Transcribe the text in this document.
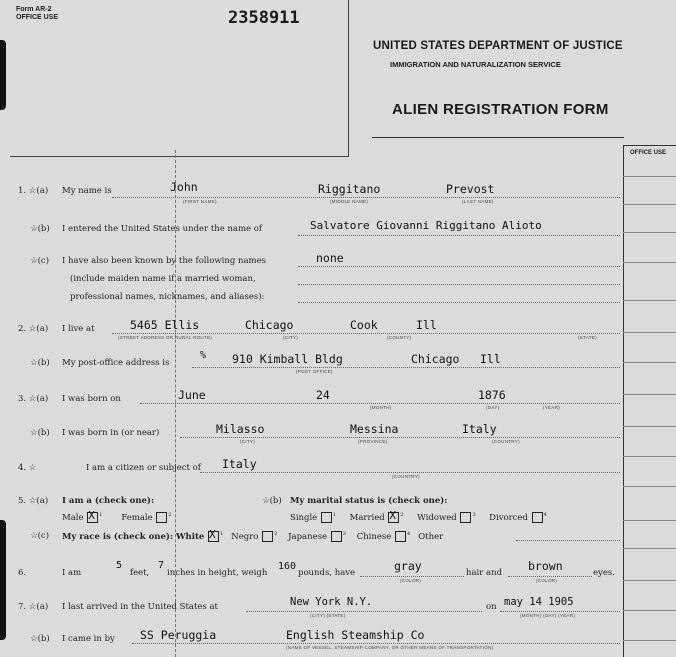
Form AR-2
OFFICE USE	2358911
UNITED STATES DEPARTMENT OF JUSTICE
IMMIGRATION AND NATURALIZATION SERVICE
ALIEN REGISTRATION FORM
OFFICE USE
1. ☆(a) My name is	John	Riggitano	Prevost
(FIRST NAME)	(MIDDLE NAME)	(LAST NAME)
☆(b) I entered the United States under the name of	Salvatore Giovanni Riggitano Alioto
☆(c) I have also been known by the following names
(include maiden name if a married woman,
professional names, nicknames, and aliases):
none
2. ☆(a) I live at	5465 Ellis	Chicago	Cook	Ill
(STREET ADDRESS OR RURAL ROUTE)	(CITY)	(COUNTY)	(STATE)
☆(b) My post-office address is
% 910 Kimball Bldg	Chicago Ill
(POST OFFICE)
3. ☆(a) I was born on	June	24	1876
(MONTH)	(DAY)	(YEAR)
☆(b) I was born in (or near)	Milasso	Messina	Italy
(CITY)	(PROVINCE)	(COUNTRY)
4. ☆	I am a citizen or subject of Italy
(COUNTRY)
5. ☆(a) I am a (check one):	☆(b) My marital status is (check one):
Male X $^1$ Female	$^2$	Single	$^1$ Married X $^2$ Widowed	$^3$ Divorced	$^4$
☆(c) My race is (check one): White X $^1$ Negro	$^2$ Japanese	$^3$ Chinese	$^4$ Other
6.	I am
5
feet,
7
inches in height, weigh
160
pounds, have	gray	hair and brown	eyes.
(COLOR)	(COLOR)
7. ☆(a) I last arrived in the United States at	New York N.Y.	on may 14 1905
(CITY) (STATE)	(MONTH) (DAY) (YEAR)
☆(b) I came in by SS Peruggia	English Steamship Co
(NAME OF VESSEL, STEAMSHIP COMPANY, OR OTHER MEANS OF TRANSPORTATION)
